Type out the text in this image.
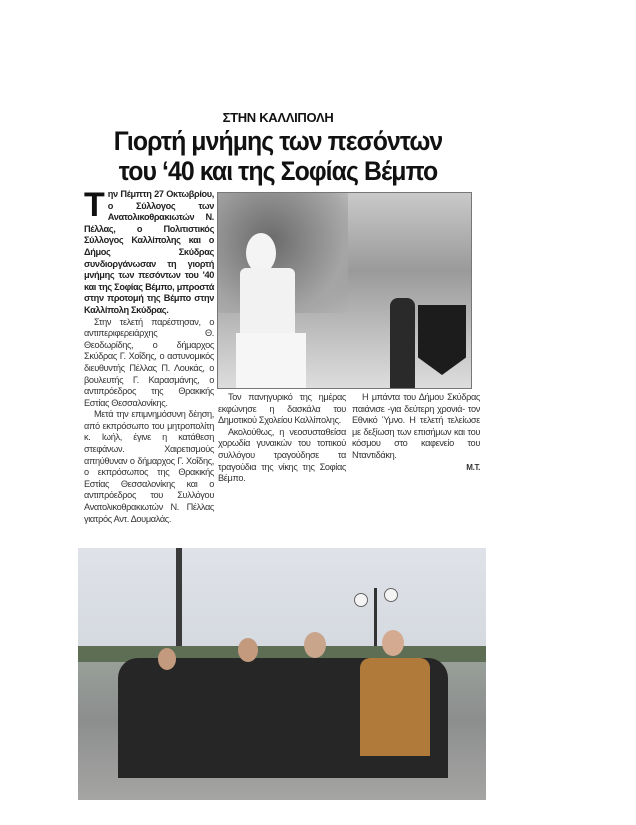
ΣΤΗΝ ΚΑΛΛΙΠΟΛΗ
Γιορτή μνήμης των πεσόντων
του ‘40 και της Σοφίας Βέμπο
Τ ην Πέμπτη 27 Οκτωβρίου, ο Σύλλογος των Ανατολικοθρακιωτών Ν. Πέλλας, ο Πολιτιστικός Σύλλογος Καλλίπολης και ο Δήμος Σκύδρας συνδιοργάνωσαν τη γιορτή μνήμης των πεσόντων του '40 και της Σοφίας Βέμπο, μπροστά στην προτομή της Βέμπο στην Καλλίπολη Σκύδρας.

Στην τελετή παρέστησαν, ο αντιπεριφερειάρχης Θ. Θεοδωρίδης, ο δήμαρχος Σκύδρας Γ. Χοΐδης, ο αστυνομικός διευθυντής Πέλλας Π. Λουκάς, ο βουλευτής Γ. Καρασμάνης, ο αντιπρόεδρος της Θρακικής Εστίας Θεσσαλονίκης.

Μετά την επιμνημόσυνη δέηση, από εκπρόσωπο του μητροπολίτη κ. Ιωήλ, έγινε η κατάθεση στεφάνων. Χαιρετισμούς απηύθυναν ο δήμαρχος Γ. Χοΐδης, ο εκπρόσωπος της Θρακικής Εστίας Θεσσαλονίκης και ο αντιπρόεδρος του Συλλόγου Ανατολικοθρακιωτών Ν. Πέλλας γιατρός Αντ. Δουμαλάς.

Τον πανηγυρικό της ημέρας εκφώνησε η δασκάλα του Δημοτικού Σχολείου Καλλίπολης.

Ακολούθως, η νεοσυσταθείσα χορωδία γυναικών του τοπικού συλλόγου τραγούδησε τα τραγούδια της νίκης της Σοφίας Βέμπο.

Η μπάντα του Δήμου Σκύδρας παιάνισε -για δεύτερη χρονιά- τον Εθνικό Ύμνο. Η τελετή τελείωσε με δεξίωση των επισήμων και του κόσμου στο καφενείο του Νταντιδάκη.

Μ.Τ.
